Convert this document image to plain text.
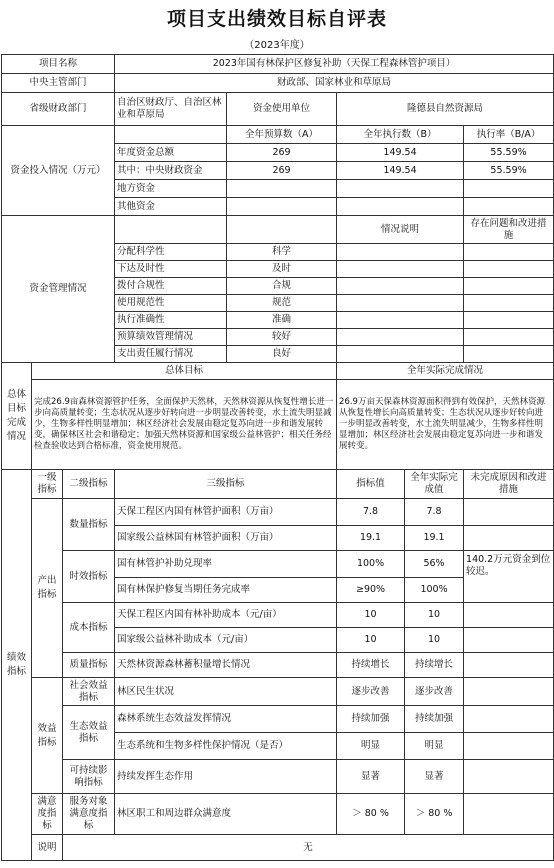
项目支出绩效目标自评表
（2023年度）
项目名称			2023年国有林保护区修复补助（天保工程森林管护项目）				
中央主管部门			财政部、国家林业和草原局				
省级财政部门			自治区财政厅、自治区林业和草原局	资金使用单位	隆德县自然资源局		
资金投入情况（万元）				全年预算数（A）	全年执行数（B）		执行率（B/A）
			年度资金总额	269	149.54		55.59%
			其中：中央财政资金	269	149.54		55.59%
			地方资金				
			其他资金				
资金管理情况					情况说明		存在问题和改进措施
			分配科学性	科学			
			下达及时性	及时			
			拨付合规性	合规			
			使用规范性	规范			
			执行准确性	准确			
			预算绩效管理情况	较好			
			支出责任履行情况	良好			
总体目标完成情况	总体目标				全年实际完成情况		
	完成26.9亩森林资源管护任务，全面保护天然林，天然林资源从恢复性增长进一步向高质量转变；生态状况从逐步好转向进一步明显改善转变，水土流失明显减少，生物多样性明显增加；林区经济社会发展由稳定复苏向进一步和谐发展转变，确保林区社会和谐稳定；加强天然林资源和国家级公益林管护；相关任务经检查验收达到合格标准，资金使用规范。				26.9万亩天保森林资源面积得到有效保护，天然林资源从恢复性增长向高质量转变；生态状况从逐步好转向进一步明显改善转变，水土流失明显减少，生物多样性明显增加；林区经济社会发展由稳定复苏向进一步和谐发展转变。		
绩效指标	一级指标	二级指标	三级指标		指标值	全年实际完成值	未完成原因和改进措施
	产出指标	数量指标	天保工程区内国有林管护面积（万亩）		7.8	7.8	
			国家级公益林国有林管护面积（万亩）		19.1	19.1	
		时效指标	国有林管护补助兑现率		100%	56%	140.2万元资金到位较迟。
			国有林保护修复当期任务完成率		≥90%	100%	
		成本指标	天保工程区内国有林补助成本（元/亩）		10	10	
			国家级公益林补助成本（元/亩）		10	10	
		质量指标	天然林资源森林蓄积量增长情况		持续增长	持续增长	
	效益指标	社会效益指标	林区民生状况		逐步改善	逐步改善	
		生态效益指标	森林系统生态效益发挥情况		持续加强	持续加强	
			生态系统和生物多样性保护情况（是否）		明显	明显	
		可持续影响指标	持续发挥生态作用		显著	显著	
	满意度指标	服务对象满意度指标	林区职工和周边群众满意度		＞ 80 %	＞ 80 %	
	说明	无					
